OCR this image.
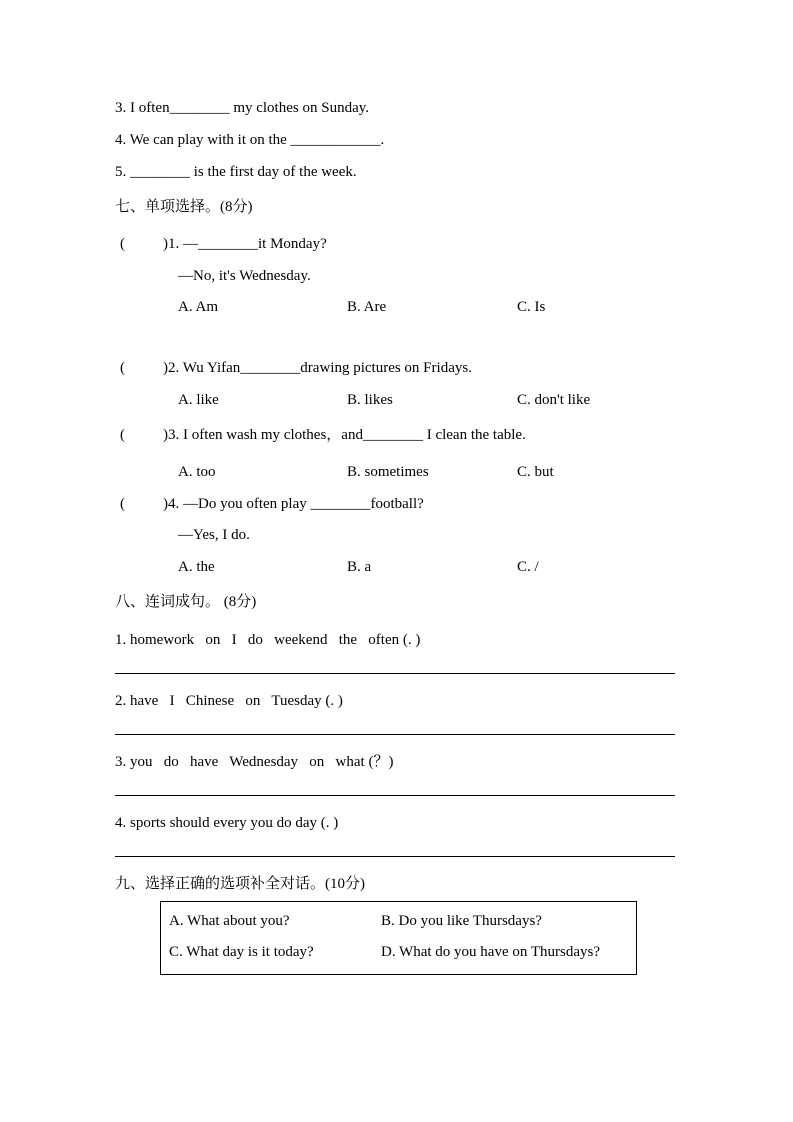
3. I often________ my clothes on Sunday.
4. We can play with it on the ____________.
5. ________ is the first day of the week.
七、单项选择。(8分)
(	)1. —________it Monday?
—No, it's Wednesday.
A. Am	B. Are	C. Is
(	)2. Wu Yifan________drawing pictures on Fridays.
A. like	B. likes	C. don't like
(	)3. I often wash my clothes，and________ I clean the table.
A. too	B. sometimes	C. but
(	)4. —Do you often play ________football?
—Yes, I do.
A. the	B. a	C. /
八、连词成句。 (8分)
1. homework   on   I   do   weekend   the   often (. )
2. have   I   Chinese   on   Tuesday (. )
3. you   do   have   Wednesday   on   what (？)
4. sports should every you do day (. )
九、选择正确的选项补全对话。(10分)
A. What about you?	B. Do you like Thursdays?
C. What day is it today?	D. What do you have on Thursdays?
